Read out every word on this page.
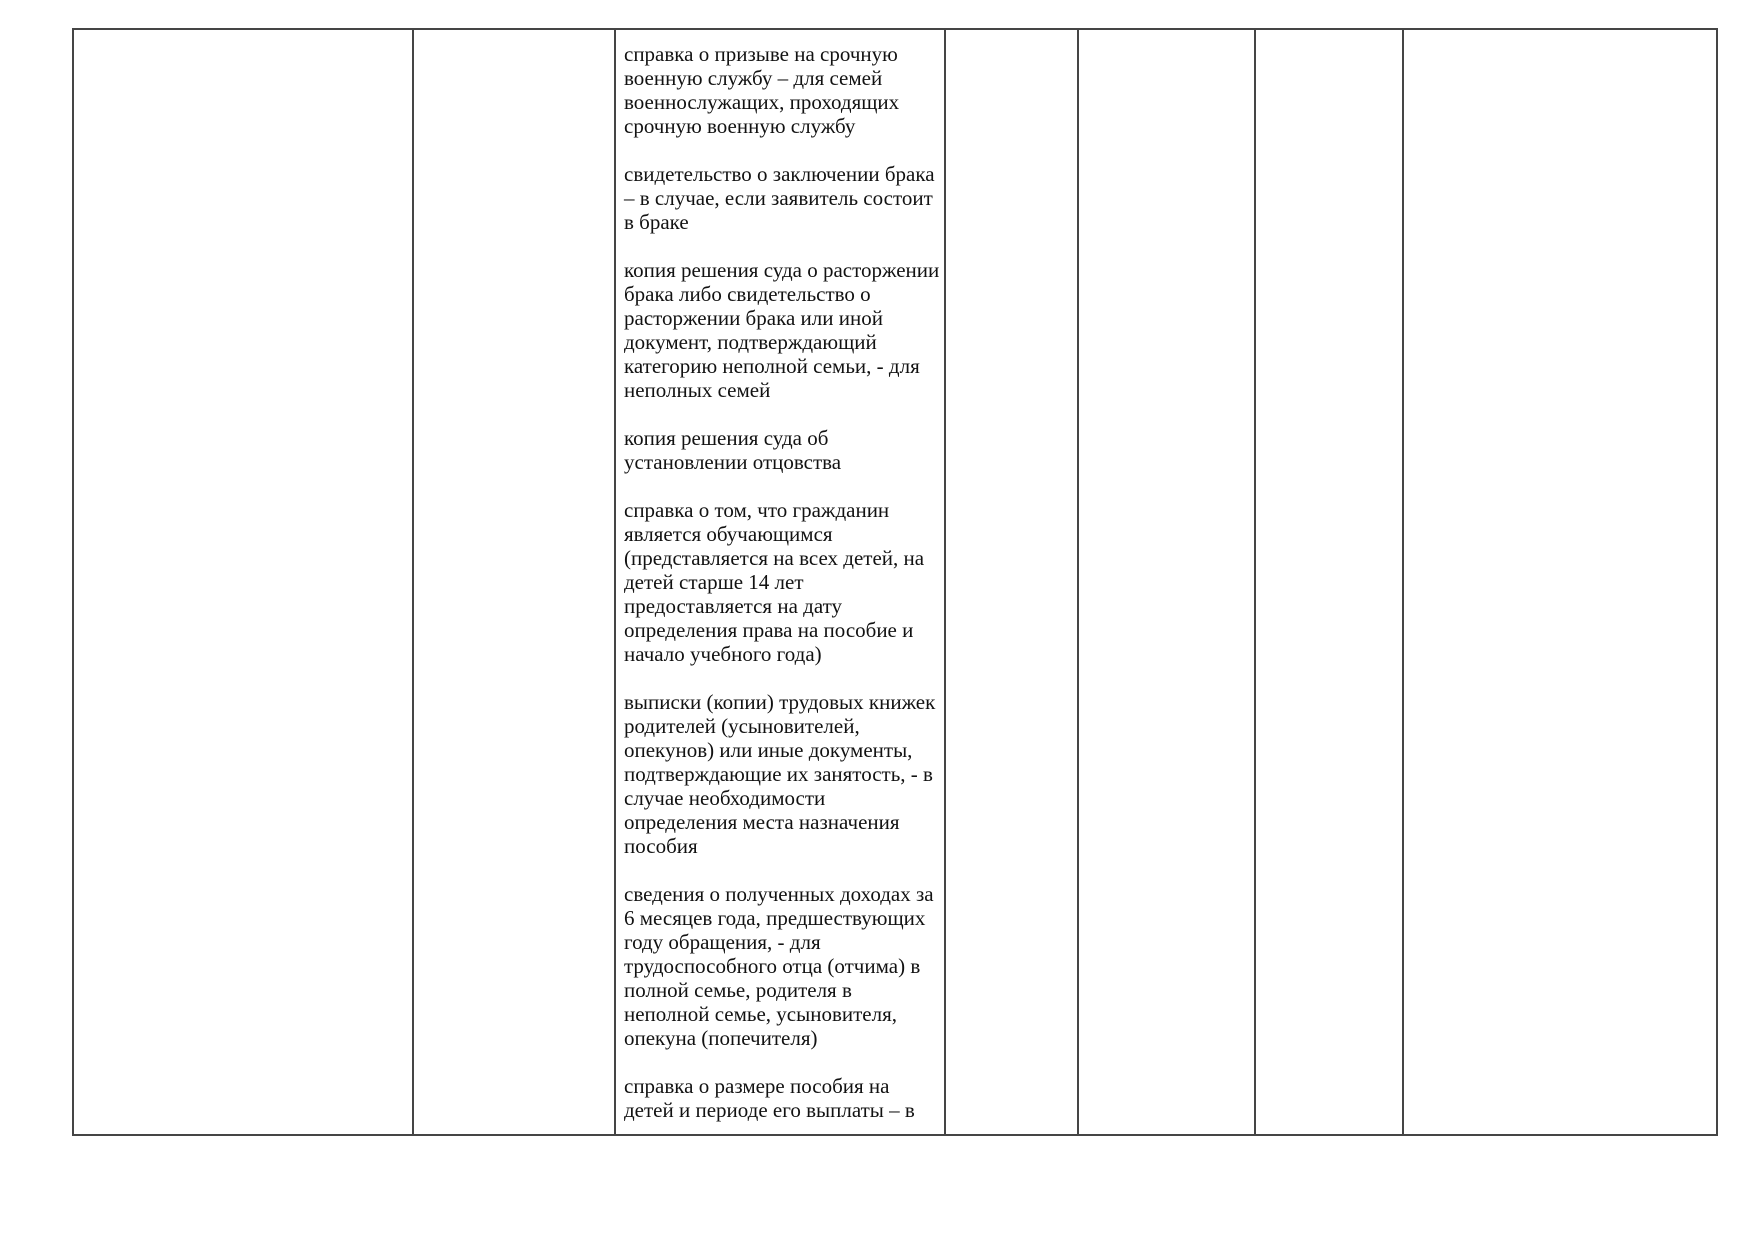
справка о призыве на срочную военную службу – для семей военнослужащих, проходящих срочную военную службу

свидетельство о заключении брака – в случае, если заявитель состоит в браке

копия решения суда о расторжении брака либо свидетельство о расторжении брака или иной документ, подтверждающий категорию неполной семьи, - для неполных семей

копия решения суда об установлении отцовства

справка о том, что гражданин является обучающимся (представляется на всех детей, на детей старше 14 лет предоставляется на дату определения права на пособие и начало учебного года)

выписки (копии) трудовых книжек родителей (усыновителей, опекунов) или иные документы, подтверждающие их занятость, - в случае необходимости определения места назначения пособия

сведения о полученных доходах за 6 месяцев года, предшествующих году обращения, - для трудоспособного отца (отчима) в полной семье, родителя в неполной семье, усыновителя, опекуна (попечителя)

справка о размере пособия на детей и периоде его выплаты – в
